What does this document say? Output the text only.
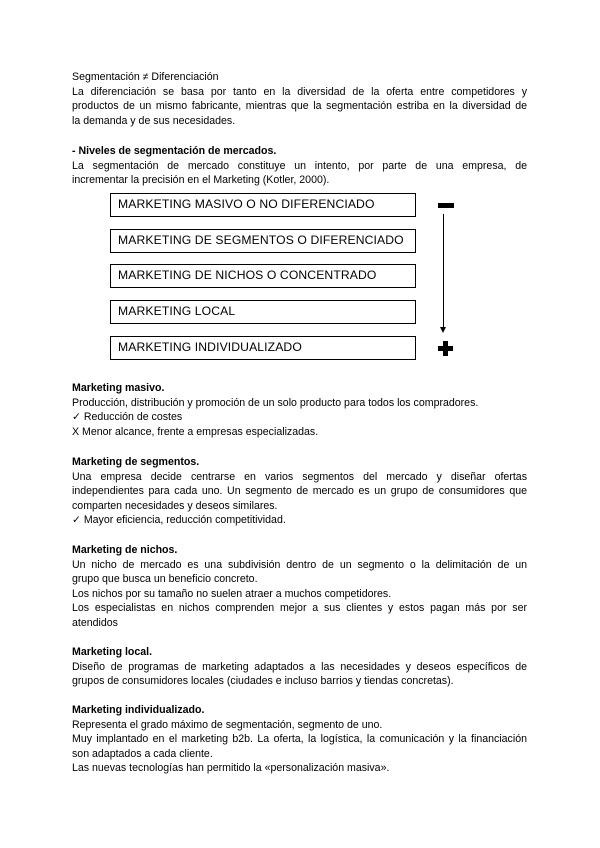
Segmentación ≠ Diferenciación
La diferenciación se basa por tanto en la diversidad de la oferta entre competidores y
productos de un mismo fabricante, mientras que la segmentación estriba en la diversidad de
la demanda y de sus necesidades.
- Niveles de segmentación de mercados.
La segmentación de mercado constituye un intento, por parte de una empresa, de
incrementar la precisión en el Marketing (Kotler, 2000).
MARKETING MASIVO O NO DIFERENCIADO
MARKETING DE SEGMENTOS O DIFERENCIADO
MARKETING DE NICHOS O CONCENTRADO
MARKETING LOCAL
MARKETING INDIVIDUALIZADO
Marketing masivo.
Producción, distribución y promoción de un solo producto para todos los compradores.
✓ Reducción de costes
X Menor alcance, frente a empresas especializadas.
Marketing de segmentos.
Una empresa decide centrarse en varios segmentos del mercado y diseñar ofertas
independientes para cada uno. Un segmento de mercado es un grupo de consumidores que
comparten necesidades y deseos similares.
✓ Mayor eficiencia, reducción competitividad.
Marketing de nichos.
Un nicho de mercado es una subdivisión dentro de un segmento o la delimitación de un
grupo que busca un beneficio concreto.
Los nichos por su tamaño no suelen atraer a muchos competidores.
Los especialistas en nichos comprenden mejor a sus clientes y estos pagan más por ser
atendidos
Marketing local.
Diseño de programas de marketing adaptados a las necesidades y deseos específicos de
grupos de consumidores locales (ciudades e incluso barrios y tiendas concretas).
Marketing individualizado.
Representa el grado máximo de segmentación, segmento de uno.
Muy implantado en el marketing b2b. La oferta, la logística, la comunicación y la financiación
son adaptados a cada cliente.
Las nuevas tecnologías han permitido la «personalización masiva».
